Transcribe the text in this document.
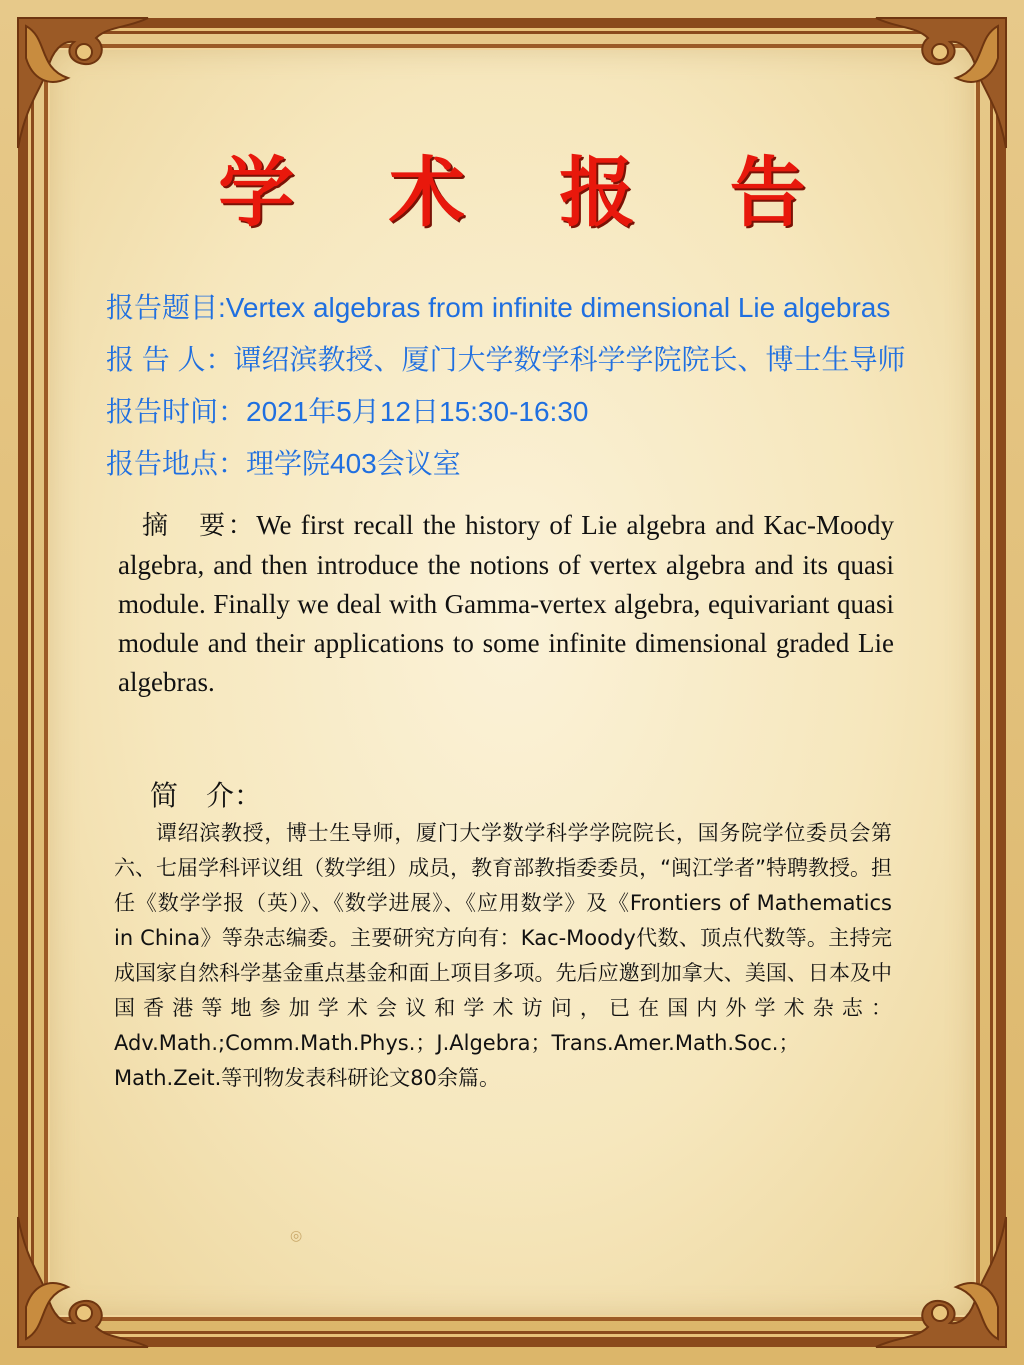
学 术 报 告
报告题目:Vertex algebras from infinite dimensional Lie algebras
报 告 人：谭绍滨教授、厦门大学数学科学学院院长、博士生导师
报告时间：2021年5月12日15:30-16:30
报告地点：理学院403会议室
摘　要：We first recall the history of Lie algebra and Kac-Moody algebra, and then introduce the notions of vertex algebra and its quasi module. Finally we deal with Gamma-vertex algebra, equivariant quasi module and their applications to some infinite dimensional graded Lie algebras.
简　介：
谭绍滨教授，博士生导师，厦门大学数学科学学院院长，国务院学位委员会第六、七届学科评议组（数学组）成员，教育部教指委委员，“闽江学者”特聘教授。担任《数学学报（英）》、《数学进展》、《应用数学》及《Frontiers of Mathematics in China》等杂志编委。主要研究方向有：Kac-Moody代数、顶点代数等。主持完成国家自然科学基金重点基金和面上项目多项。先后应邀到加拿大、美国、日本及中国香港等地参加学术会议和学术访问，已在国内外学术杂志：Adv.Math.;Comm.Math.Phys.；J.Algebra；Trans.Amer.Math.Soc.；Math.Zeit.等刊物发表科研论文80余篇。
◎
